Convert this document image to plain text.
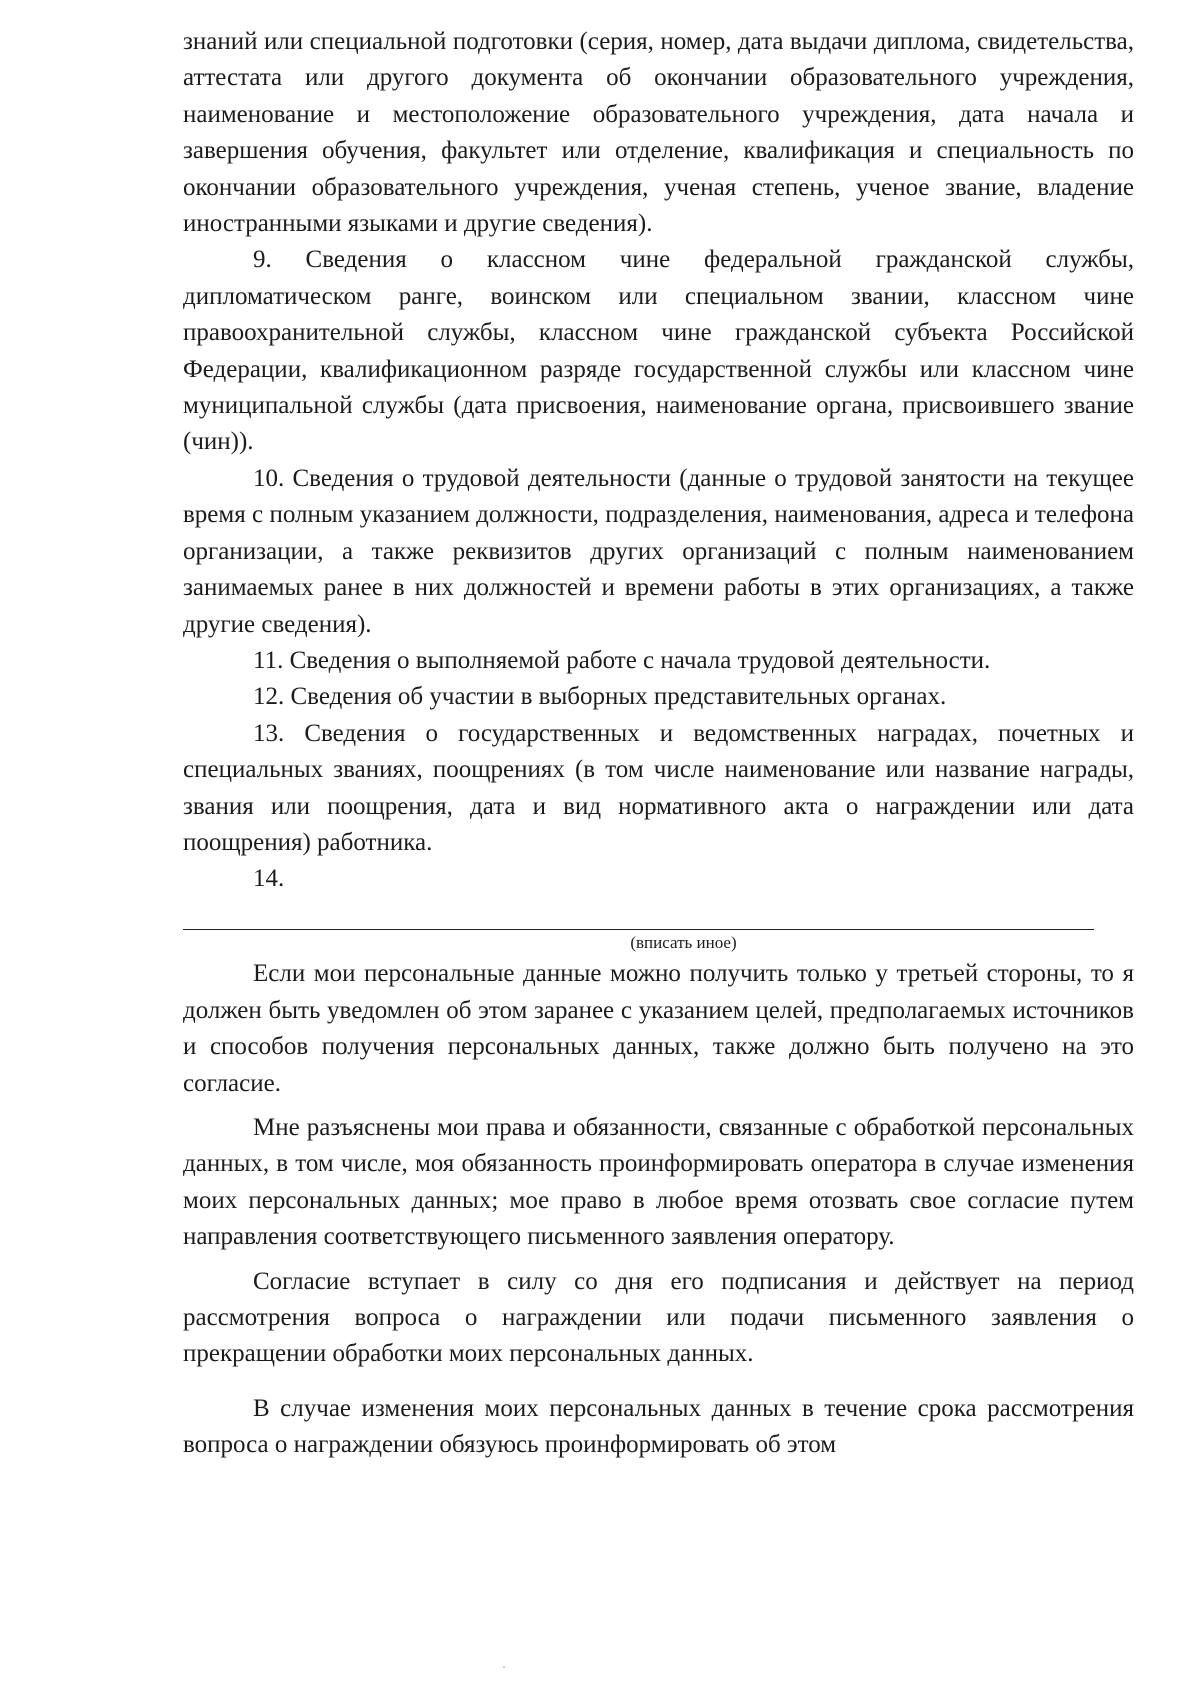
знаний или специальной подготовки (серия, номер, дата выдачи диплома, свидетельства, аттестата или другого документа об окончании образовательного учреждения, наименование и местоположение образовательного учреждения, дата начала и завершения обучения, факультет или отделение, квалификация и специальность по окончании образовательного учреждения, ученая степень, ученое звание, владение иностранными языками и другие сведения).

9. Сведения о классном чине федеральной гражданской службы, дипломатическом ранге, воинском или специальном звании, классном чине правоохранительной службы, классном чине гражданской субъекта Российской Федерации, квалификационном разряде государственной службы или классном чине муниципальной службы (дата присвоения, наименование органа, присвоившего звание (чин)).

10. Сведения о трудовой деятельности (данные о трудовой занятости на текущее время с полным указанием должности, подразделения, наименования, адреса и телефона организации, а также реквизитов других организаций с полным наименованием занимаемых ранее в них должностей и времени работы в этих организациях, а также другие сведения).

11. Сведения о выполняемой работе с начала трудовой деятельности.

12. Сведения об участии в выборных представительных органах.

13. Сведения о государственных и ведомственных наградах, почетных и специальных званиях, поощрениях (в том числе наименование или название награды, звания или поощрения, дата и вид нормативного акта о награждении или дата поощрения) работника.

14.

(вписать иное)

Если мои персональные данные можно получить только у третьей стороны, то я должен быть уведомлен об этом заранее с указанием целей, предполагаемых источников и способов получения персональных данных, также должно быть получено на это согласие.

Мне разъяснены мои права и обязанности, связанные с обработкой персональных данных, в том числе, моя обязанность проинформировать оператора в случае изменения моих персональных данных; мое право в любое время отозвать свое согласие путем направления соответствующего письменного заявления оператору.

Согласие вступает в силу со дня его подписания и действует на период рассмотрения вопроса о награждении или подачи письменного заявления о прекращении обработки моих персональных данных.

В случае изменения моих персональных данных в течение срока рассмотрения вопроса о награждении обязуюсь проинформировать об этом
